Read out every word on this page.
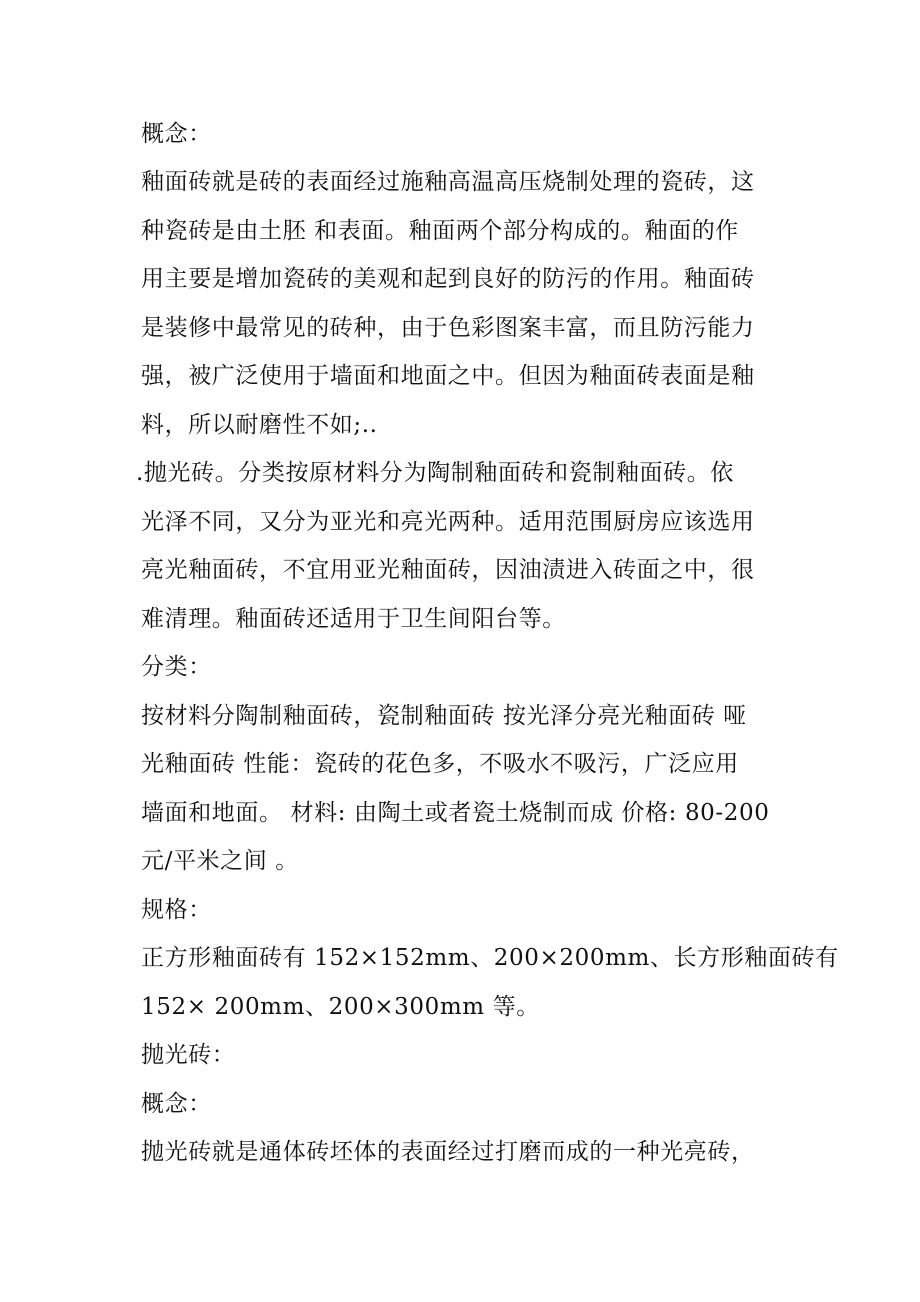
概念：
釉面砖就是砖的表面经过施釉高温高压烧制处理的瓷砖，这
种瓷砖是由土胚 和表面。釉面两个部分构成的。釉面的作
用主要是增加瓷砖的美观和起到良好的防污的作用。釉面砖
是装修中最常见的砖种，由于色彩图案丰富，而且防污能力
强，被广泛使用于墙面和地面之中。但因为釉面砖表面是釉
料，所以耐磨性不如;..
.抛光砖。分类按原材料分为陶制釉面砖和瓷制釉面砖。依
光泽不同，又分为亚光和亮光两种。适用范围厨房应该选用
亮光釉面砖，不宜用亚光釉面砖，因油渍进入砖面之中，很
难清理。釉面砖还适用于卫生间阳台等。
分类：
按材料分陶制釉面砖，瓷制釉面砖 按光泽分亮光釉面砖 哑
光釉面砖 性能：瓷砖的花色多，不吸水不吸污，广泛应用
墙面和地面。 材料: 由陶土或者瓷土烧制而成 价格: 80-200
元/平米之间 。
规格：
正方形釉面砖有 152×152mm、200×200mm、长方形釉面砖有
152× 200mm、200×300mm 等。
抛光砖：
概念：
抛光砖就是通体砖坯体的表面经过打磨而成的一种光亮砖，
